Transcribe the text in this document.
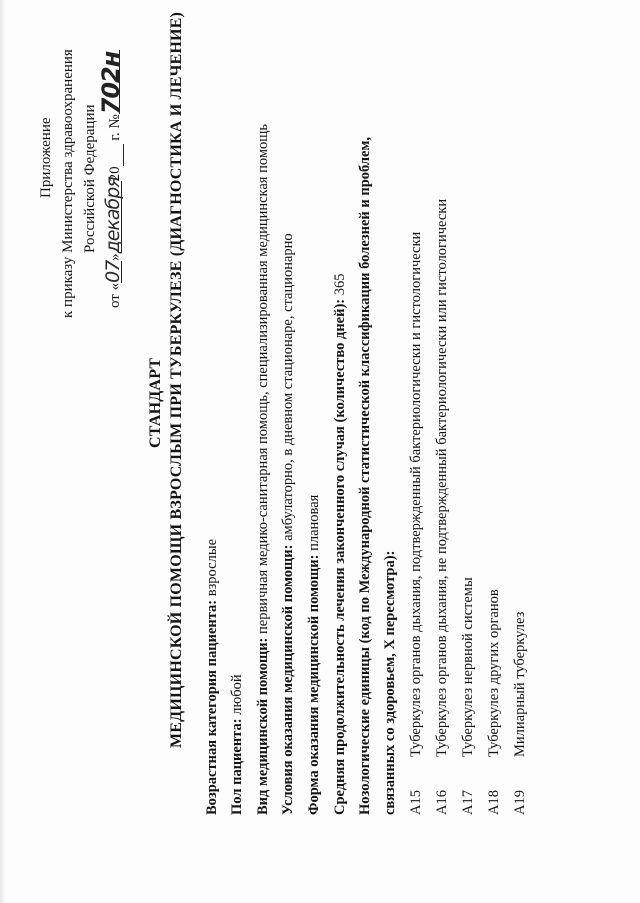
Приложение к приказу Министерства здравоохранения Российской Федерации
от «07»декабря20  г. №702н
СТАНДАРТ МЕДИЦИНСКОЙ ПОМОЩИ ВЗРОСЛЫМ ПРИ ТУБЕРКУЛЕЗЕ (ДИАГНОСТИКА И ЛЕЧЕНИЕ) Возрастная категория пациента: взрослые
Пол пациента: любой Вид медицинской помощи: первичная медико-санитарная помощь, специализированная медицинская помощь
Условия оказания медицинской помощи: амбулаторно, в дневном стационаре, стационарно
Форма оказания медицинской помощи: плановая Средняя продолжительность лечения законченного случая (количество дней): 365 Нозологические единицы (код по Международной статистической классификации болезней и проблем, связанных со здоровьем, X пересмотра): A15
Туберкулез органов дыхания, подтвержденный бактериологически и гистологически
A16
Туберкулез органов дыхания, не подтвержденный бактериологически или гистологически
A17
Туберкулез нервной системы
A18
Туберкулез других органов
A19
Милиарный туберкулез
